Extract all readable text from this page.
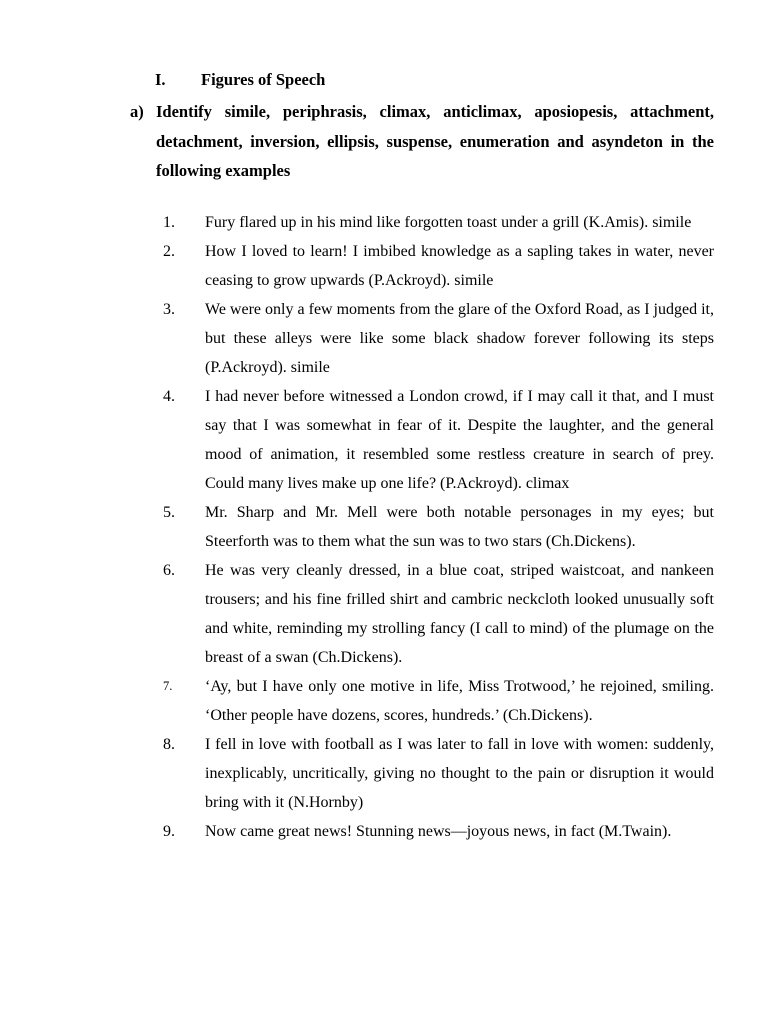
I.	Figures of Speech
a) Identify simile, periphrasis, climax, anticlimax, aposiopesis, attachment, detachment, inversion, ellipsis, suspense, enumeration and asyndeton in the following examples
1.	Fury flared up in his mind like forgotten toast under a grill (K.Amis). simile
2.	How I loved to learn! I imbibed knowledge as a sapling takes in water, never ceasing to grow upwards (P.Ackroyd). simile
3.	We were only a few moments from the glare of the Oxford Road, as I judged it, but these alleys were like some black shadow forever following its steps (P.Ackroyd). simile
4.	I had never before witnessed a London crowd, if I may call it that, and I must say that I was somewhat in fear of it. Despite the laughter, and the general mood of animation, it resembled some restless creature in search of prey. Could many lives make up one life? (P.Ackroyd). climax
5.	Mr. Sharp and Mr. Mell were both notable personages in my eyes; but Steerforth was to them what the sun was to two stars (Ch.Dickens).
6.	He was very cleanly dressed, in a blue coat, striped waistcoat, and nankeen trousers; and his fine frilled shirt and cambric neckcloth looked unusually soft and white, reminding my strolling fancy (I call to mind) of the plumage on the breast of a swan (Ch.Dickens).
7.	‘Ay, but I have only one motive in life, Miss Trotwood,’ he rejoined, smiling. ‘Other people have dozens, scores, hundreds.’ (Ch.Dickens).
8.	I fell in love with football as I was later to fall in love with women: suddenly, inexplicably, uncritically, giving no thought to the pain or disruption it would bring with it (N.Hornby)
9.	Now came great news! Stunning news—joyous news, in fact (M.Twain).
